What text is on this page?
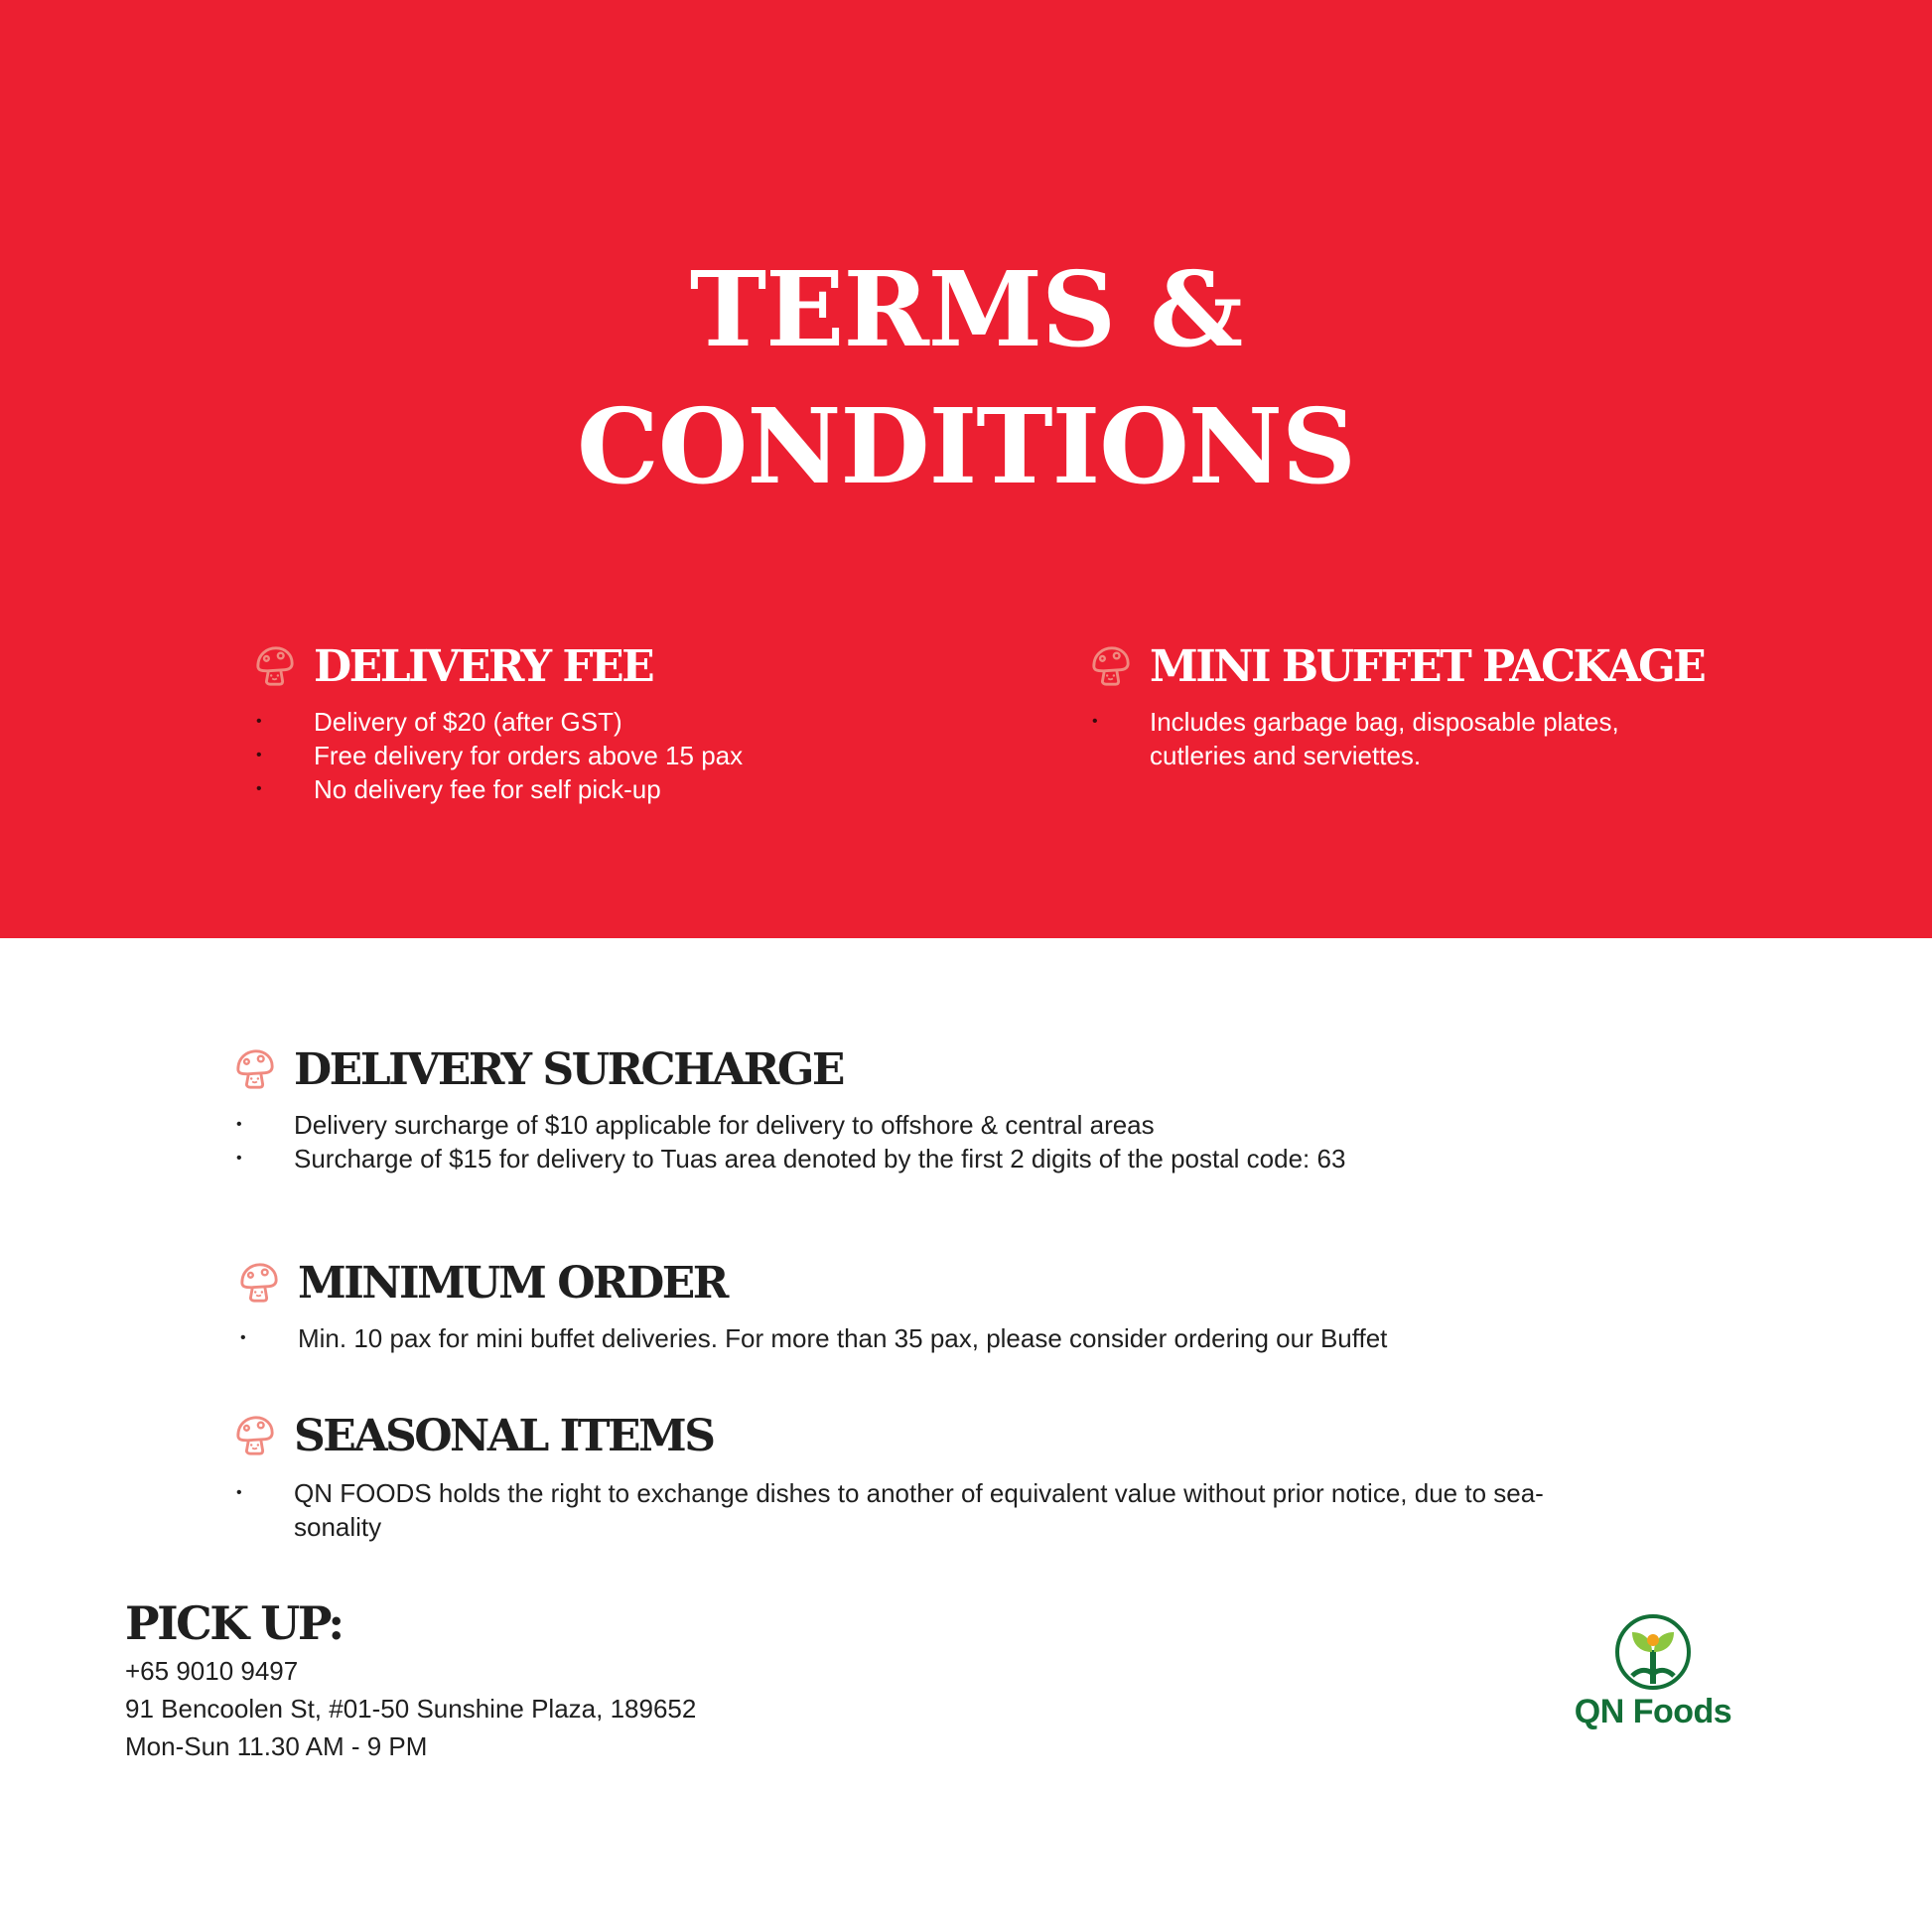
TERMS &
CONDITIONS
DELIVERY FEE
• Delivery of $20 (after GST)
• Free delivery for orders above 15 pax
• No delivery fee for self pick-up
MINI BUFFET PACKAGE
• Includes garbage bag, disposable plates, cutleries and serviettes.
DELIVERY SURCHARGE
• Delivery surcharge of $10 applicable for delivery to offshore & central areas
• Surcharge of $15 for delivery to Tuas area denoted by the first 2 digits of the postal code: 63
MINIMUM ORDER
• Min. 10 pax for mini buffet deliveries. For more than 35 pax, please consider ordering our Buffet
SEASONAL ITEMS
• QN FOODS holds the right to exchange dishes to another of equivalent value without prior notice, due to sea-
sonality
PICK UP:
+65 9010 9497
91 Bencoolen St, #01-50 Sunshine Plaza, 189652
Mon-Sun 11.30 AM - 9 PM
QN Foods
